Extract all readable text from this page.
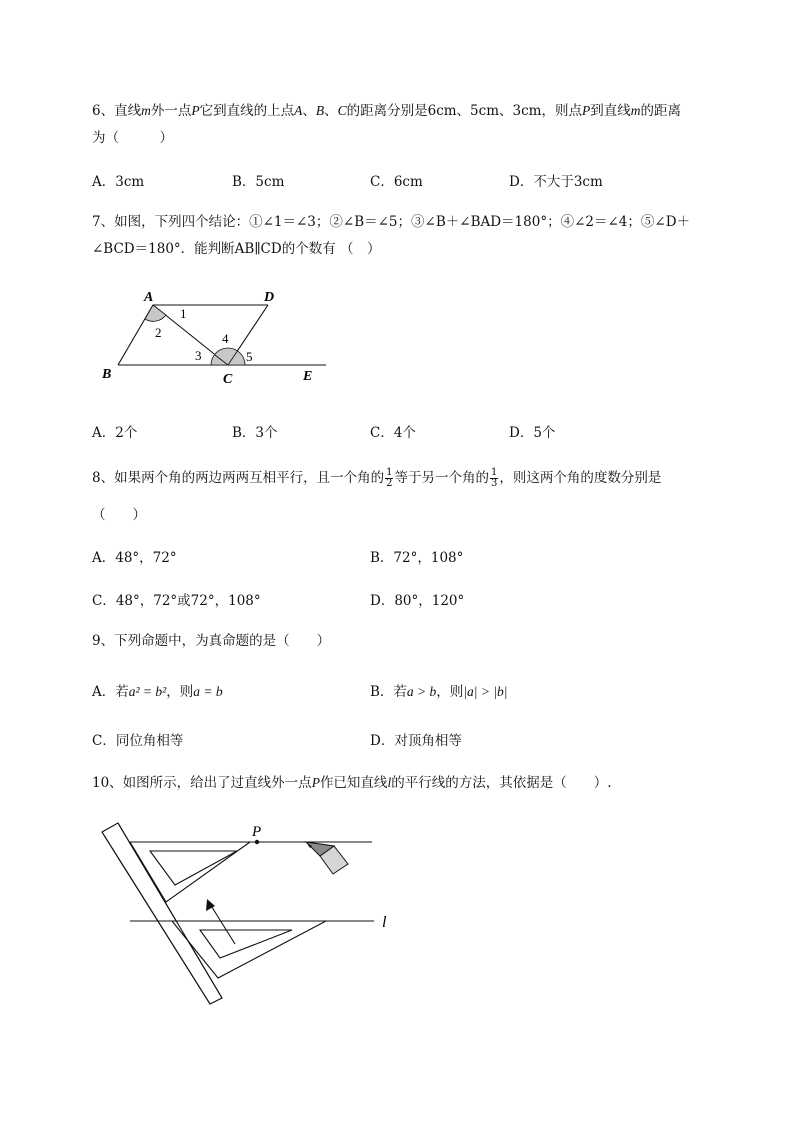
6、直线m外一点P它到直线的上点A、B、C的距离分别是6cm、5cm、3cm，则点P到直线m的距离
为（　　　）
A．3cm	B．5cm	C．6cm	D．不大于3cm
7、如图，下列四个结论：①∠1＝∠3；②∠B＝∠5；③∠B＋∠BAD＝180°；④∠2＝∠4；⑤∠D＋
∠BCD＝180°．能判断AB∥CD的个数有 （　）
A	D
B	C	E
1
2
3
4
5
A．2个	B．3个	C．4个	D．5个
8、如果两个角的两边两两互相平行，且一个角的 $\frac{1}{2}$ 等于另一个角的 $\frac{1}{3}$ ，则这两个角的度数分别是
（　　）
A．48°，72°	B．72°，108°
C．48°，72°或72°，108°	D．80°，120°
9、下列命题中，为真命题的是（　　）
A．若a² = b²，则a = b	B．若a > b，则|a| > |b|
C．同位角相等	D．对顶角相等
10、如图所示，给出了过直线外一点P作已知直线l的平行线的方法，其依据是（　　）.
P
l
